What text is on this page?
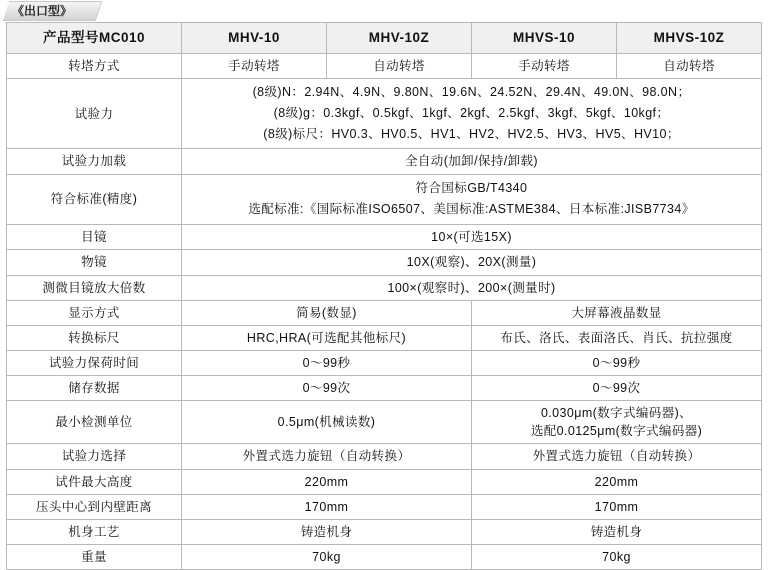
《出口型》
产品型号MC010	MHV-10	MHV-10Z	MHVS-10	MHVS-10Z
转塔方式	手动转塔	自动转塔	手动转塔	自动转塔
试验力	(8级)N：2.94N、4.9N、9.80N、19.6N、24.52N、29.4N、49.0N、98.0N；
(8级)g：0.3kgf、0.5kgf、1kgf、2kgf、2.5kgf、3kgf、5kgf、10kgf；
(8级)标尺：HV0.3、HV0.5、HV1、HV2、HV2.5、HV3、HV5、HV10；			

试验力加载	全自动(加卸/保持/卸载)			
符合标准(精度)	符合国标GB/T4340
选配标准:《国际标准ISO6507、美国标准:ASTME384、日本标准:JISB7734》			

目镜	10×(可选15X)			
物镜	10X(观察)、20X(测量)			
测微目镜放大倍数	100×(观察时)、200×(测量时)			
显示方式	简易(数显)		大屏幕液晶数显	
转换标尺	HRC,HRA(可选配其他标尺)		布氏、洛氏、表面洛氏、肖氏、抗拉强度	
试验力保荷时间	0～99秒		0～99秒	
储存数据	0～99次		0～99次	
最小检测单位	0.5μm(机械读数)		0.030μm(数字式编码器)、
选配0.0125μm(数字式编码器)	

试验力选择	外置式选力旋钮（自动转换）		外置式选力旋钮（自动转换）	
试件最大高度	220mm		220mm	
压头中心到内壁距离	170mm		170mm	
机身工艺	铸造机身		铸造机身	
重量	70kg		70kg	
